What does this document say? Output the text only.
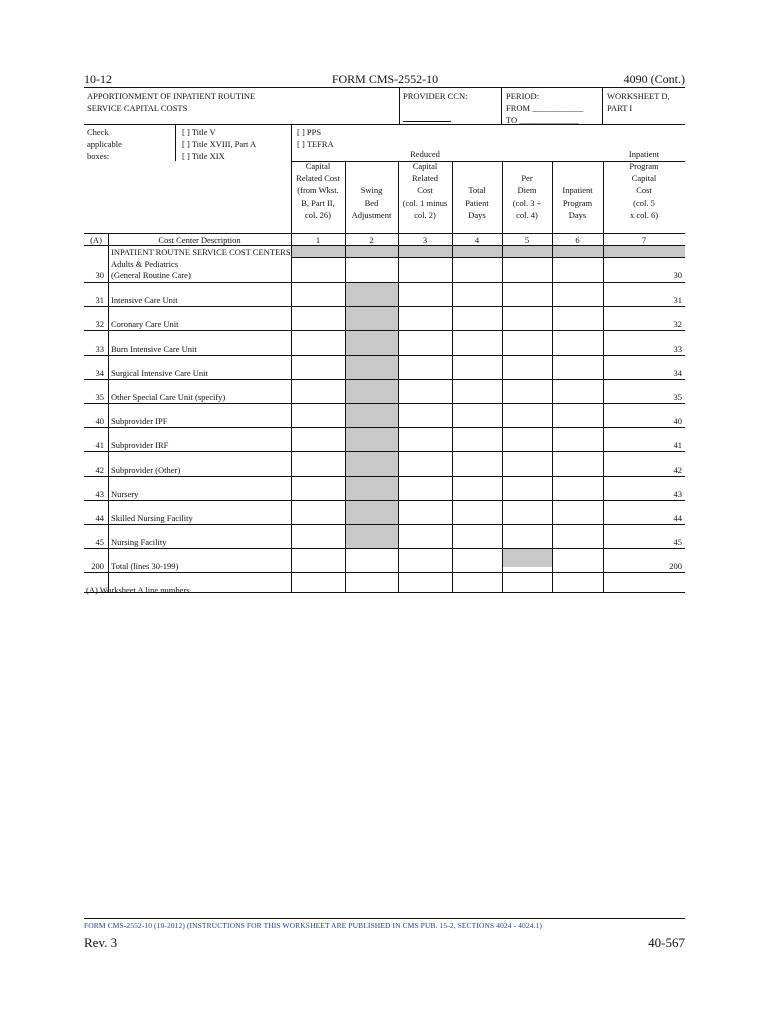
10-12	FORM CMS-2552-10	4090 (Cont.)
APPORTIONMENT OF INPATIENT ROUTINE
SERVICE CAPITAL COSTS
PROVIDER CCN:	PERIOD:
FROM ____________
TO ______________
WORKSHEET D,
PART I
Check
applicable
boxes:
[ ] Title V
[ ] Title XVIII, Part A
[ ] Title XIX
[ ] PPS
[ ] TEFRA
Capital
Related Cost
(from Wkst.
B, Part II,
col. 26)
1
Swing
Bed
Adjustment
2
Reduced
Capital
Related
Cost
(col. 1 minus
col. 2)
3
Total
Patient
Days
4
Per
Diem
(col. 3 ÷
col. 4)
5
Inpatient
Program
Days
6
Inpatient
Program
Capital
Cost
(col. 5
x col. 6)
7
(A)	Cost Center Description
INPATIENT ROUTNE SERVICE COST CENTERS
Adults & Pediatrics
30 (General Routine Care)	30
31 Intensive Care Unit	31
32 Coronary Care Unit	32
33 Burn Intensive Care Unit	33
34 Surgical Intensive Care Unit	34
35 Other Special Care Unit (specify)	35
40 Subprovider IPF	40
41 Subprovider IRF	41
42 Subprovider (Other)	42
43 Nursery	43
44 Skilled Nursing Facility	44
45 Nursing Facility	45
200 Total (lines 30-199)	200
(A) Worksheet A line numbers
FORM CMS-2552-10 (10-2012) (INSTRUCTIONS FOR THIS WORKSHEET ARE PUBLISHED IN CMS PUB. 15-2, SECTIONS 4024 - 4024.1)
Rev. 3	40-567
